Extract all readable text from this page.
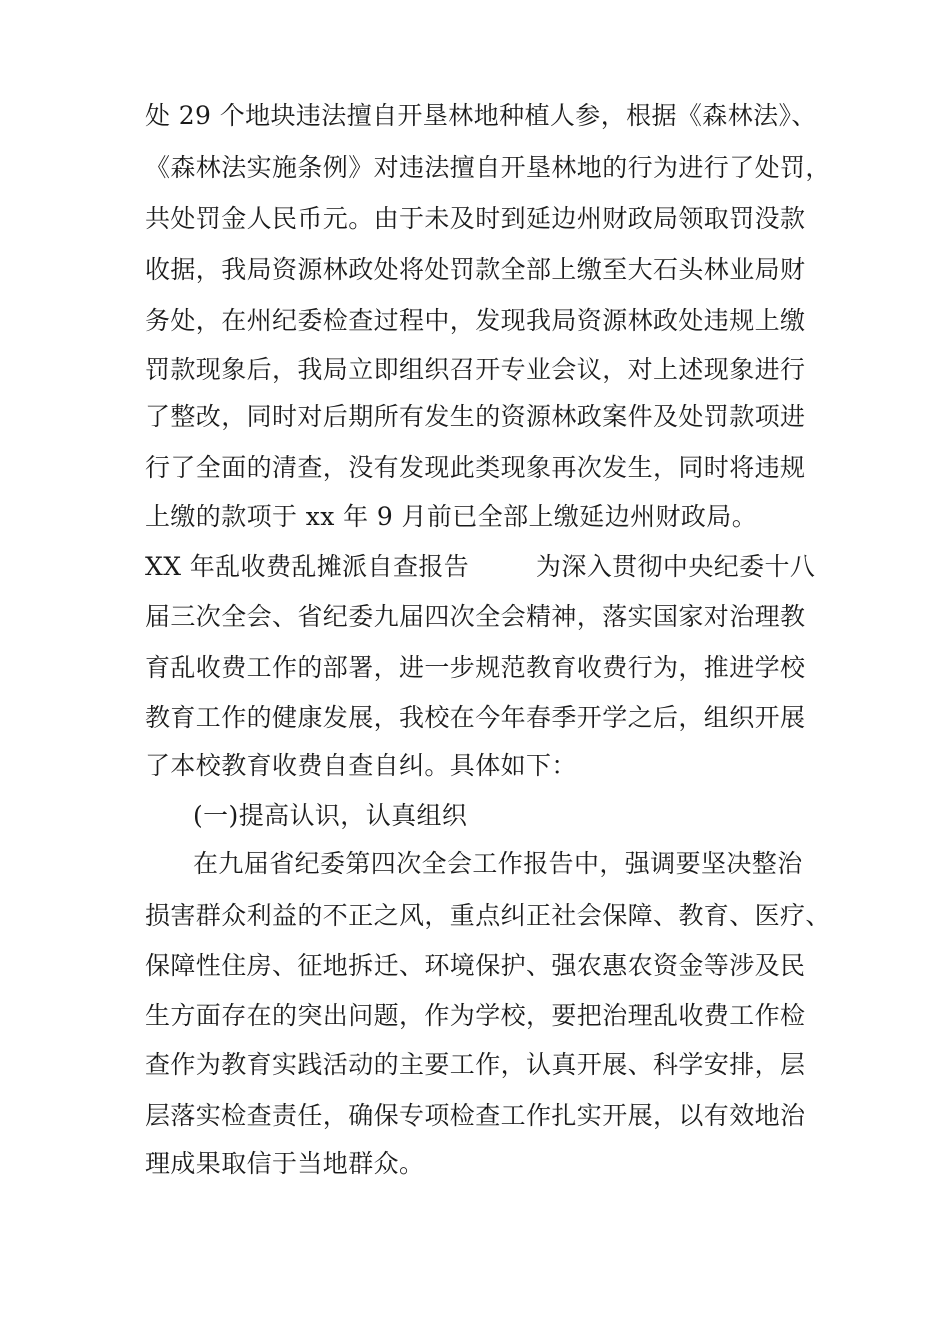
处 29 个地块违法擅自开垦林地种植人参，根据《森林法》、
《森林法实施条例》对违法擅自开垦林地的行为进行了处罚，
共处罚金人民币元。由于未及时到延边州财政局领取罚没款
收据，我局资源林政处将处罚款全部上缴至大石头林业局财
务处，在州纪委检查过程中，发现我局资源林政处违规上缴
罚款现象后，我局立即组织召开专业会议，对上述现象进行
了整改，同时对后期所有发生的资源林政案件及处罚款项进
行了全面的清查，没有发现此类现象再次发生，同时将违规
上缴的款项于 xx 年 9 月前已全部上缴延边州财政局。
XX 年乱收费乱摊派自查报告        为深入贯彻中央纪委十八
届三次全会、省纪委九届四次全会精神，落实国家对治理教
育乱收费工作的部署，进一步规范教育收费行为，推进学校
教育工作的健康发展，我校在今年春季开学之后，组织开展
了本校教育收费自查自纠。具体如下：
(一)提高认识，认真组织
在九届省纪委第四次全会工作报告中，强调要坚决整治
损害群众利益的不正之风，重点纠正社会保障、教育、医疗、
保障性住房、征地拆迁、环境保护、强农惠农资金等涉及民
生方面存在的突出问题，作为学校，要把治理乱收费工作检
查作为教育实践活动的主要工作，认真开展、科学安排，层
层落实检查责任，确保专项检查工作扎实开展，以有效地治
理成果取信于当地群众。
